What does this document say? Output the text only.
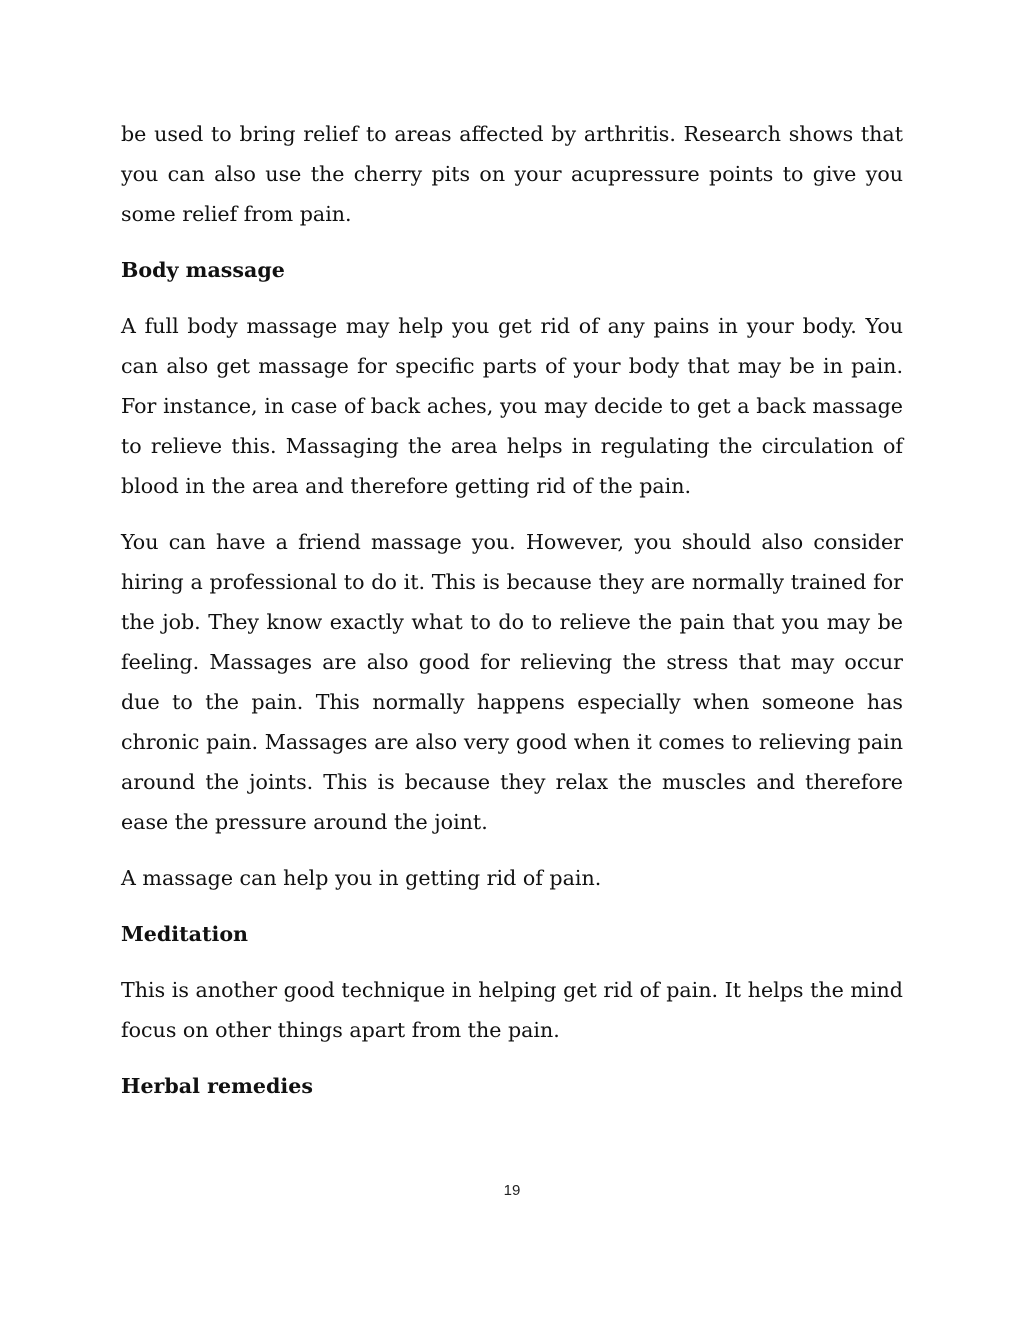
be used to bring relief to areas affected by arthritis. Research shows that you can also use the cherry pits on your acupressure points to give you some relief from pain.

Body massage

A full body massage may help you get rid of any pains in your body. You can also get massage for specific parts of your body that may be in pain. For instance, in case of back aches, you may decide to get a back massage to relieve this. Massaging the area helps in regulating the circulation of blood in the area and therefore getting rid of the pain.

You can have a friend massage you. However, you should also consider hiring a professional to do it. This is because they are normally trained for the job. They know exactly what to do to relieve the pain that you may be feeling. Massages are also good for relieving the stress that may occur due to the pain. This normally happens especially when someone has chronic pain. Massages are also very good when it comes to relieving pain around the joints. This is because they relax the muscles and therefore ease the pressure around the joint.

A massage can help you in getting rid of pain.

Meditation

This is another good technique in helping get rid of pain. It helps the mind focus on other things apart from the pain.

Herbal remedies
19
